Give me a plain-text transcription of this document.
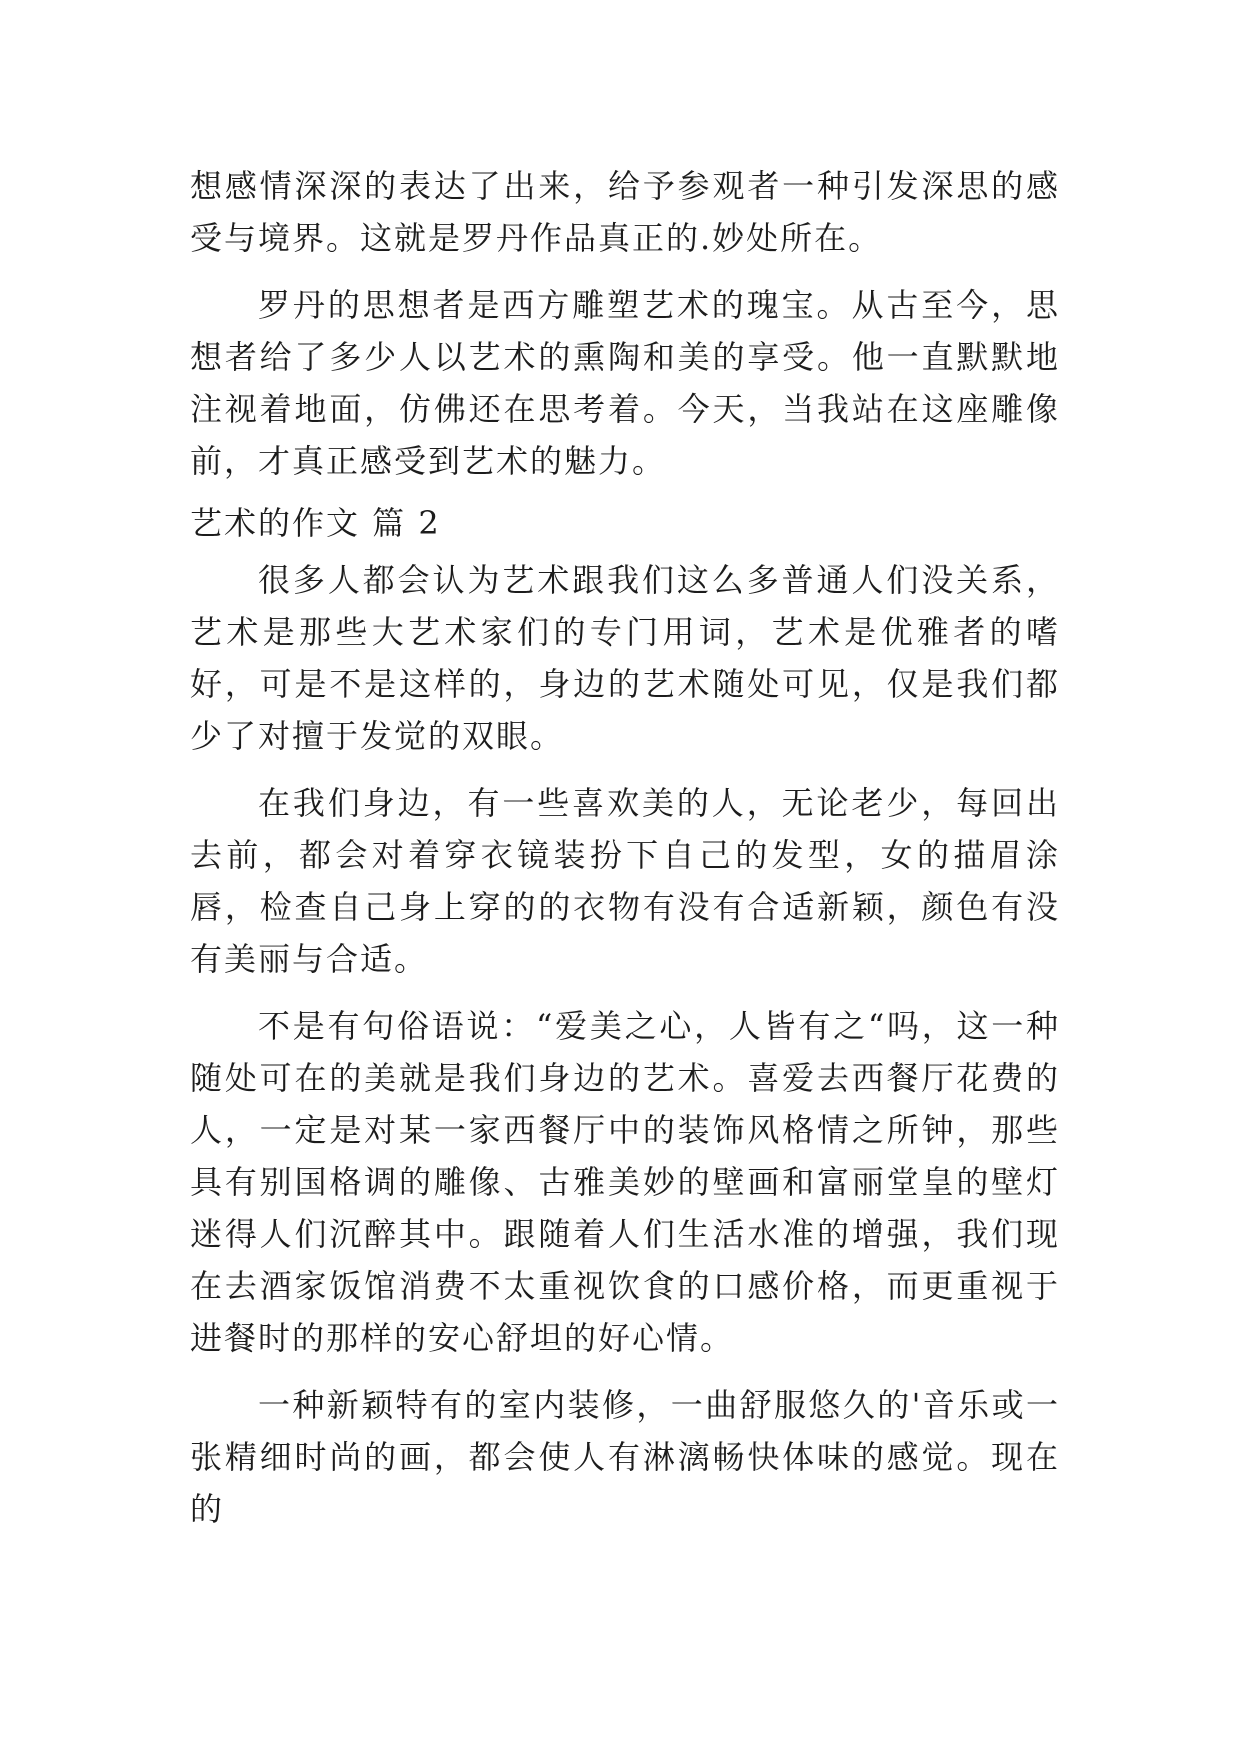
想感情深深的表达了出来，给予参观者一种引发深思的感受与境界。这就是罗丹作品真正的.妙处所在。

罗丹的思想者是西方雕塑艺术的瑰宝。从古至今，思想者给了多少人以艺术的熏陶和美的享受。他一直默默地注视着地面，仿佛还在思考着。今天，当我站在这座雕像前，才真正感受到艺术的魅力。

艺术的作文 篇 2

很多人都会认为艺术跟我们这么多普通人们没关系，艺术是那些大艺术家们的专门用词，艺术是优雅者的嗜好，可是不是这样的，身边的艺术随处可见，仅是我们都少了对擅于发觉的双眼。

在我们身边，有一些喜欢美的人，无论老少，每回出去前，都会对着穿衣镜装扮下自己的发型，女的描眉涂唇，检查自己身上穿的的衣物有没有合适新颖，颜色有没有美丽与合适。

不是有句俗语说：“爱美之心，人皆有之“吗，这一种随处可在的美就是我们身边的艺术。喜爱去西餐厅花费的人，一定是对某一家西餐厅中的装饰风格情之所钟，那些具有别国格调的雕像、古雅美妙的壁画和富丽堂皇的壁灯迷得人们沉醉其中。跟随着人们生活水准的增强，我们现在去酒家饭馆消费不太重视饮食的口感价格，而更重视于进餐时的那样的安心舒坦的好心情。

一种新颖特有的室内装修，一曲舒服悠久的'音乐或一张精细时尚的画，都会使人有淋漓畅快体味的感觉。现在的
